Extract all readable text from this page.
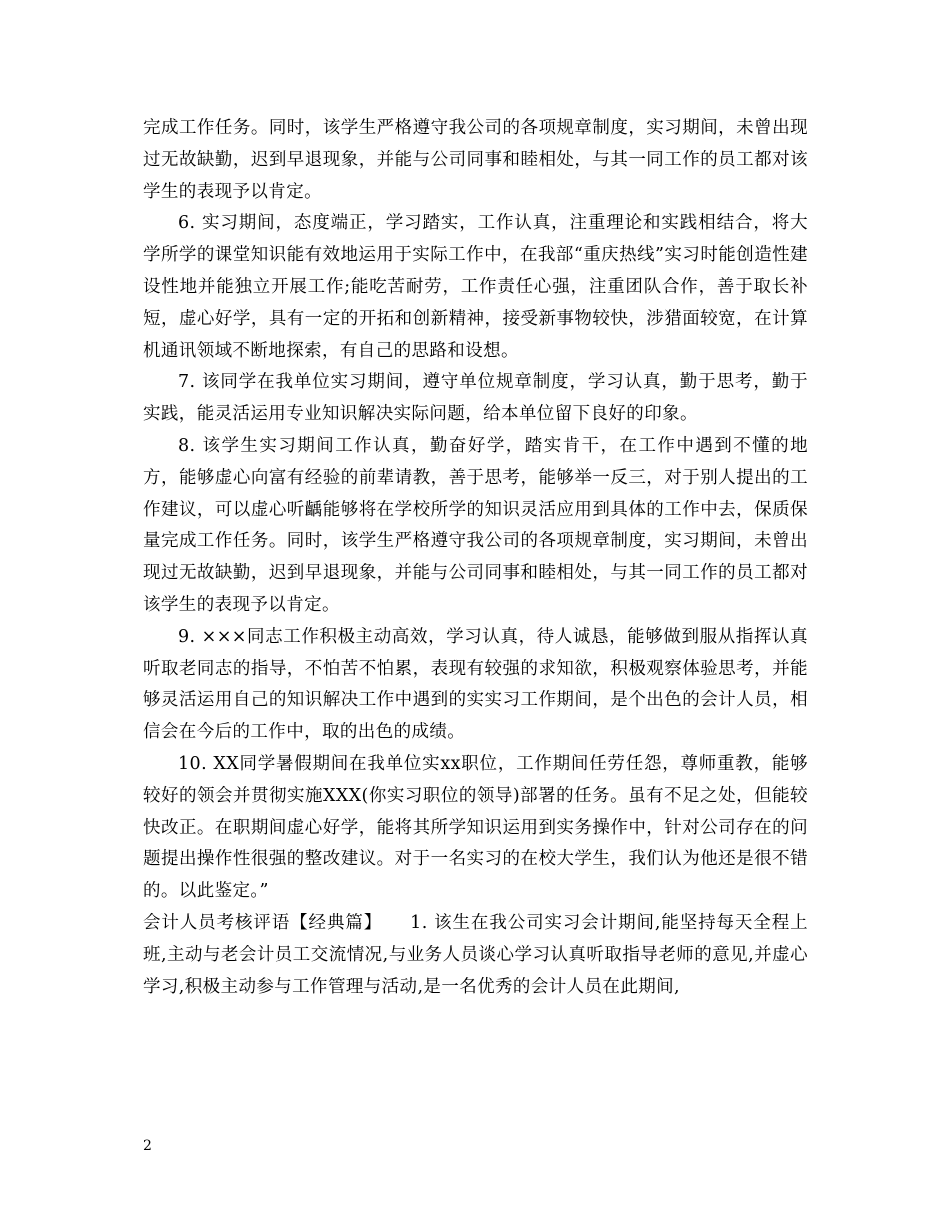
完成工作任务。同时，该学生严格遵守我公司的各项规章制度，实习期间，未曾出现过无故缺勤，迟到早退现象，并能与公司同事和睦相处，与其一同工作的员工都对该学生的表现予以肯定。

6. 实习期间，态度端正，学习踏实，工作认真，注重理论和实践相结合，将大学所学的课堂知识能有效地运用于实际工作中，在我部“重庆热线”实习时能创造性建设性地并能独立开展工作;能吃苦耐劳，工作责任心强，注重团队合作，善于取长补短，虚心好学，具有一定的开拓和创新精神，接受新事物较快，涉猎面较宽，在计算机通讯领域不断地探索，有自己的思路和设想。

7. 该同学在我单位实习期间，遵守单位规章制度，学习认真，勤于思考，勤于实践，能灵活运用专业知识解决实际问题，给本单位留下良好的印象。

8. 该学生实习期间工作认真，勤奋好学，踏实肯干，在工作中遇到不懂的地方，能够虚心向富有经验的前辈请教，善于思考，能够举一反三，对于别人提出的工作建议，可以虚心听齲能够将在学校所学的知识灵活应用到具体的工作中去，保质保量完成工作任务。同时，该学生严格遵守我公司的各项规章制度，实习期间，未曾出现过无故缺勤，迟到早退现象，并能与公司同事和睦相处，与其一同工作的员工都对该学生的表现予以肯定。

9. ×××同志工作积极主动高效，学习认真，待人诚恳，能够做到服从指挥认真听取老同志的指导，不怕苦不怕累，表现有较强的求知欲，积极观察体验思考，并能够灵活运用自己的知识解决工作中遇到的实实习工作期间，是个出色的会计人员，相信会在今后的工作中，取的出色的成绩。

10. XX同学暑假期间在我单位实xx职位，工作期间任劳任怨，尊师重教，能够较好的领会并贯彻实施XXX(你实习职位的领导)部署的任务。虽有不足之处，但能较快改正。在职期间虚心好学，能将其所学知识运用到实务操作中，针对公司存在的问题提出操作性很强的整改建议。对于一名实习的在校大学生，我们认为他还是很不错的。以此鉴定。”

会计人员考核评语【经典篇】　　1. 该生在我公司实习会计期间,能坚持每天全程上班,主动与老会计员工交流情况,与业务人员谈心学习认真听取指导老师的意见,并虚心学习,积极主动参与工作管理与活动,是一名优秀的会计人员在此期间,

2
